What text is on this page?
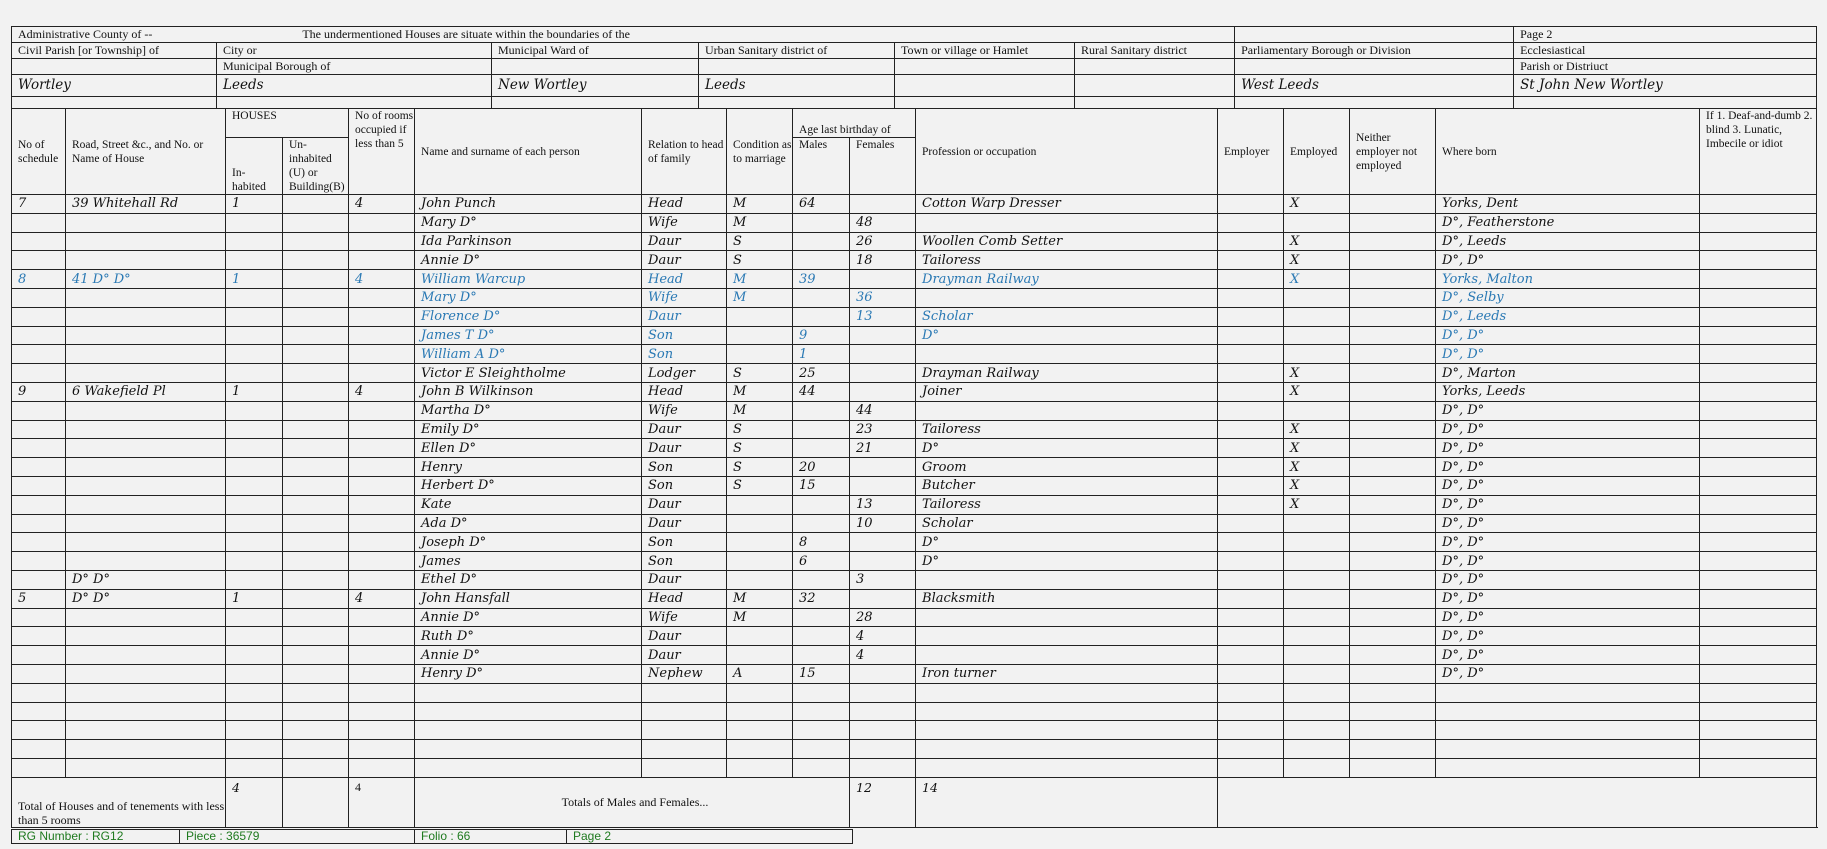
Administrative County of -- The undermentioned Houses are situate within the boundaries of the							Page 2
Civil Parish [or Township] of	City or	Municipal Ward of	Urban Sanitary district of	Town or village or Hamlet	Rural Sanitary district	Parliamentary Borough or Division	Ecclesiastical
	Municipal Borough of						Parish or Distriuct
Wortley	Leeds	New Wortley	Leeds			West Leeds	St John New Wortley

No of schedule	Road, Street &c., and No. or Name of House	HOUSES		No of rooms occupied if less than 5	Name and surname of each person	Relation to head of family	Condition as to marriage	Age last birthday of		Profession or occupation	Employer	Employed	Neither employer not employed	Where born	If 1. Deaf-and-dumb 2. blind 3. Lunatic, Imbecile or idiot
		In- habited	Un- inhabited (U) or Building(B)					Males	Females						
7	39 Whitehall Rd	1		4	John Punch	Head	M	64		Cotton Warp Dresser		X		Yorks, Dent	
					Mary D°	Wife	M		48					D°, Featherstone	
					Ida Parkinson	Daur	S		26	Woollen Comb Setter		X		D°, Leeds	
					Annie D°	Daur	S		18	Tailoress		X		D°, D°	
8	41 D° D°	1		4	William Warcup	Head	M	39		Drayman Railway		X		Yorks, Malton	
					Mary D°	Wife	M		36					D°, Selby	
					Florence D°	Daur			13	Scholar				D°, Leeds	
					James T D°	Son		9		D°				D°, D°	
					William A D°	Son		1						D°, D°	
					Victor E Sleightholme	Lodger	S	25		Drayman Railway		X		D°, Marton	
9	6 Wakefield Pl	1		4	John B Wilkinson	Head	M	44		Joiner		X		Yorks, Leeds	
					Martha D°	Wife	M		44					D°, D°	
					Emily D°	Daur	S		23	Tailoress		X		D°, D°	
					Ellen D°	Daur	S		21	D°		X		D°, D°	
					Henry	Son	S	20		Groom		X		D°, D°	
					Herbert D°	Son	S	15		Butcher		X		D°, D°	
					Kate	Daur			13	Tailoress		X		D°, D°	
					Ada D°	Daur			10	Scholar				D°, D°	
					Joseph D°	Son		8		D°				D°, D°	
					James	Son		6		D°				D°, D°	
	D° D°				Ethel D°	Daur			3					D°, D°	
5	D° D°	1		4	John Hansfall	Head	M	32		Blacksmith				D°, D°	
					Annie D°	Wife	M		28					D°, D°	
					Ruth D°	Daur			4					D°, D°	
					Annie D°	Daur			4					D°, D°	
					Henry D°	Nephew	A	15		Iron turner				D°, D°	

Total of Houses and of tenements with less than 5 rooms		4		4	Totals of Males and Females...				12	14					
RG Number : RG12	Piece : 36579	Folio : 66	Page 2
